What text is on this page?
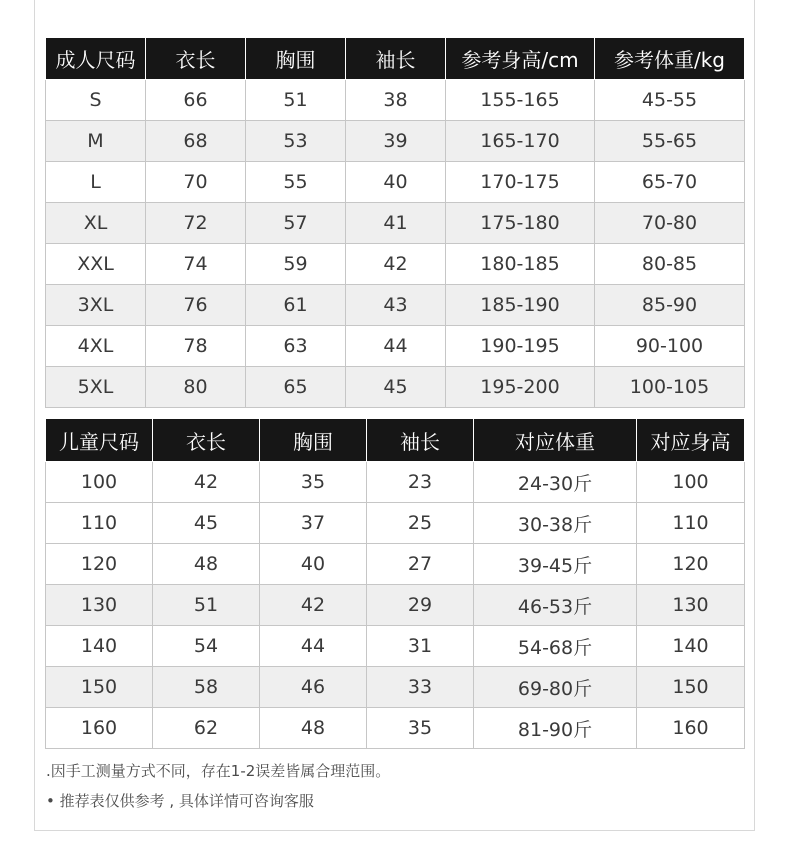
成人尺码	衣长	胸围	袖长	参考身高/cm	参考体重/kg
S	66	51	38	155-165	45-55
M	68	53	39	165-170	55-65
L	70	55	40	170-175	65-70
XL	72	57	41	175-180	70-80
XXL	74	59	42	180-185	80-85
3XL	76	61	43	185-190	85-90
4XL	78	63	44	190-195	90-100
5XL	80	65	45	195-200	100-105
儿童尺码	衣长	胸围	袖长	对应体重	对应身高
100	42	35	23	24-30斤	100
110	45	37	25	30-38斤	110
120	48	40	27	39-45斤	120
130	51	42	29	46-53斤	130
140	54	44	31	54-68斤	140
150	58	46	33	69-80斤	150
160	62	48	35	81-90斤	160
.因手工测量方式不同，存在1-2误差皆属合理范围。
• 推荐表仅供参考 , 具体详情可咨询客服
